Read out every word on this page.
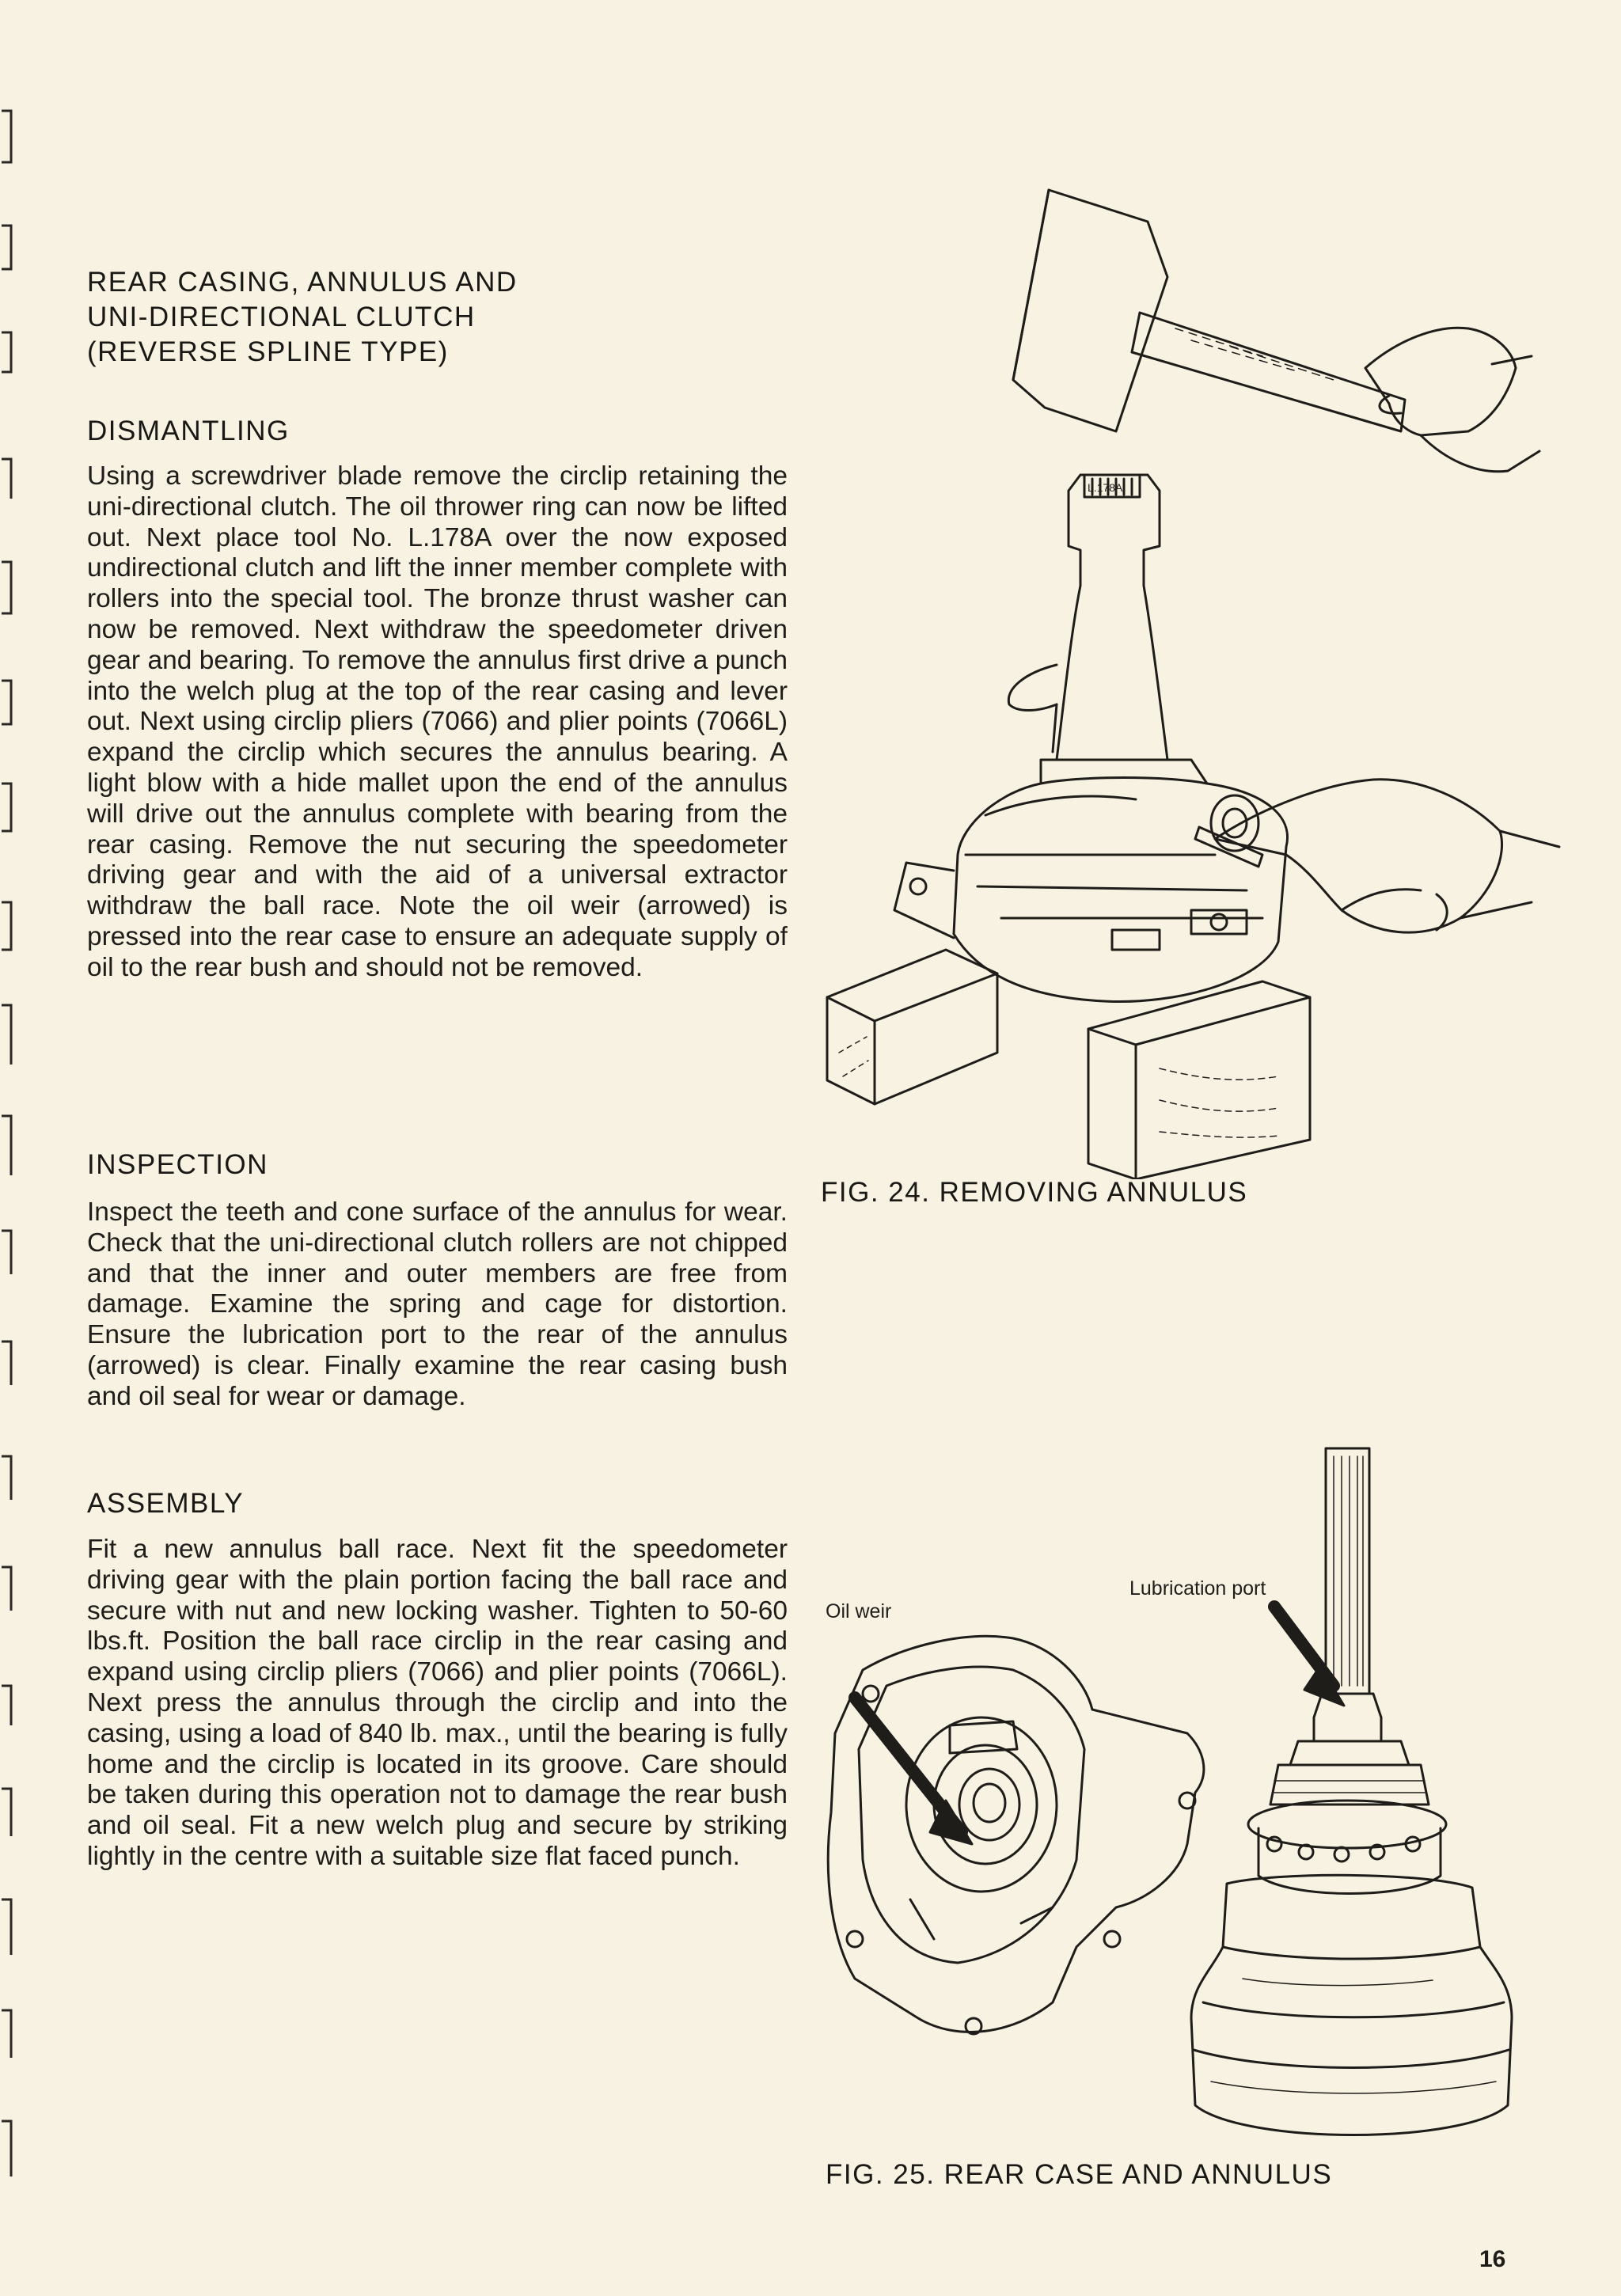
REAR CASING, ANNULUS AND
UNI-DIRECTIONAL CLUTCH
(REVERSE SPLINE TYPE)
DISMANTLING

Using a screwdriver blade remove the circlip retaining the uni-directional clutch. The oil thrower ring can now be lifted out. Next place tool No. L.178A over the now exposed undirectional clutch and lift the inner member complete with rollers into the special tool. The bronze thrust washer can now be removed. Next withdraw the speedometer driven gear and bearing. To remove the annulus first drive a punch into the welch plug at the top of the rear casing and lever out. Next using circlip pliers (7066) and plier points (7066L) expand the circlip which secures the annulus bearing. A light blow with a hide mallet upon the end of the annulus will drive out the annulus complete with bearing from the rear casing. Remove the nut securing the speedometer driving gear and with the aid of a universal extractor withdraw the ball race. Note the oil weir (arrowed) is pressed into the rear case to ensure an adequate supply of oil to the rear bush and should not be removed.

INSPECTION

Inspect the teeth and cone surface of the annulus for wear. Check that the uni-directional clutch rollers are not chipped and that the inner and outer members are free from damage. Examine the spring and cage for distortion. Ensure the lubrication port to the rear of the annulus (arrowed) is clear. Finally examine the rear casing bush and oil seal for wear or damage.

ASSEMBLY

Fit a new annulus ball race. Next fit the speedometer driving gear with the plain portion facing the ball race and secure with nut and new locking washer. Tighten to 50-60 lbs.ft. Position the ball race circlip in the rear casing and expand using circlip pliers (7066) and plier points (7066L). Next press the annulus through the circlip and into the casing, using a load of 840 lb. max., until the bearing is fully home and the circlip is located in its groove. Care should be taken during this operation not to damage the rear bush and oil seal. Fit a new welch plug and secure by striking lightly in the centre with a suitable size flat faced punch.

FIG. 24. REMOVING ANNULUS

Oil weir

Lubrication port

FIG. 25. REAR CASE AND ANNULUS

16

L.178A
